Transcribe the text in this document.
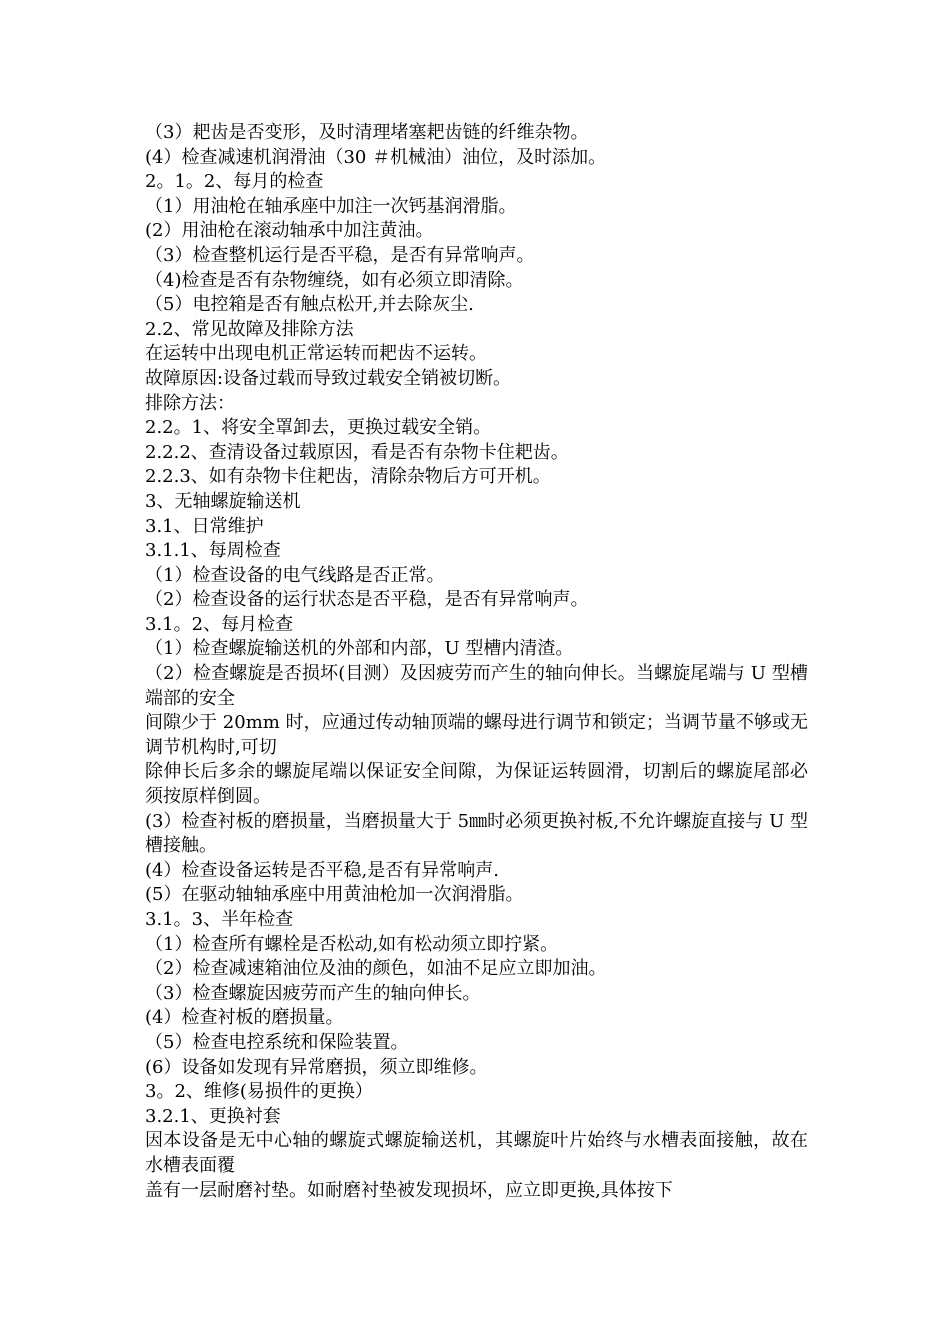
（3）耙齿是否变形，及时清理堵塞耙齿链的纤维杂物。

(4）检查减速机润滑油（30 ＃机械油）油位，及时添加。

2。1。2、每月的检查

（1）用油枪在轴承座中加注一次钙基润滑脂。

(2）用油枪在滚动轴承中加注黄油。

（3）检查整机运行是否平稳，是否有异常响声。

（4)检查是否有杂物缠绕，如有必须立即清除。

（5）电控箱是否有触点松开,并去除灰尘.

2.2、常见故障及排除方法

在运转中出现电机正常运转而耙齿不运转。

故障原因:设备过载而导致过载安全销被切断。

排除方法：

2.2。1、将安全罩卸去，更换过载安全销。

2.2.2、查清设备过载原因，看是否有杂物卡住耙齿。

2.2.3、如有杂物卡住耙齿，清除杂物后方可开机。

3、无轴螺旋输送机

3.1、日常维护

3.1.1、每周检查

（1）检查设备的电气线路是否正常。

（2）检查设备的运行状态是否平稳，是否有异常响声。

3.1。2、每月检查

（1）检查螺旋输送机的外部和内部，U 型槽内清渣。

（2）检查螺旋是否损坏(目测）及因疲劳而产生的轴向伸长。当螺旋尾端与 U 型槽端部的安全

间隙少于 20mm 时，应通过传动轴顶端的螺母进行调节和锁定；当调节量不够或无调节机构时,可切

除伸长后多余的螺旋尾端以保证安全间隙，为保证运转圆滑，切割后的螺旋尾部必须按原样倒圆。

(3）检查衬板的磨损量，当磨损量大于 5㎜时必须更换衬板,不允许螺旋直接与 U 型槽接触。

(4）检查设备运转是否平稳,是否有异常响声.

(5）在驱动轴轴承座中用黄油枪加一次润滑脂。

3.1。3、半年检查

（1）检查所有螺栓是否松动,如有松动须立即拧紧。

（2）检查减速箱油位及油的颜色，如油不足应立即加油。

（3）检查螺旋因疲劳而产生的轴向伸长。

(4）检查衬板的磨损量。

（5）检查电控系统和保险装置。

(6）设备如发现有异常磨损，须立即维修。

3。2、维修(易损件的更换）

3.2.1、更换衬套

因本设备是无中心轴的螺旋式螺旋输送机，其螺旋叶片始终与水槽表面接触，故在水槽表面覆

盖有一层耐磨衬垫。如耐磨衬垫被发现损坏，应立即更换,具体按下
